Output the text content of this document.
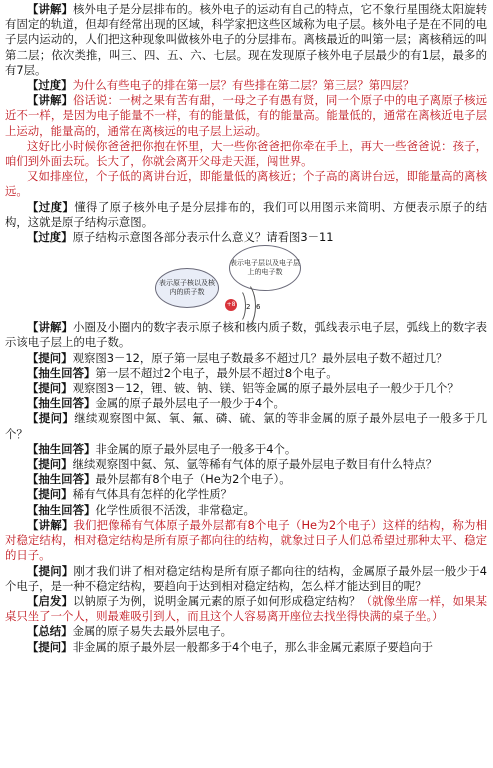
【讲解】核外电子是分层排布的。核外电子的运动有自己的特点，它不象行星围绕太阳旋转有固定的轨道，但却有经常出现的区域，科学家把这些区域称为电子层。核外电子是在不同的电子层内运动的，人们把这种现象叫做核外电子的分层排布。离核最近的叫第一层；离核稍远的叫第二层；依次类推，叫三、四、五、六、七层。现在发现原子核外电子层最少的有1层，最多的有7层。

【过度】为什么有些电子的排在第一层？有些排在第二层？第三层？第四层？

【讲解】俗话说：一树之果有苦有甜，一母之子有愚有贤，同一个原子中的电子离原子核远近不一样，是因为电子能量不一样，有的能量低，有的能量高。能量低的，通常在离核近电子层上运动，能量高的，通常在离核远的电子层上运动。

这好比小时候你爸爸把你抱在怀里，大一些你爸爸把你牵在手上，再大一些爸爸说：孩子，咱们到外面去玩。长大了，你就会离开父母走天涯，闯世界。

又如排座位，个子低的离讲台近，即能量低的离核近；个子高的离讲台远，即能量高的离核远。

【过度】懂得了原子核外电子是分层排布的，我们可以用图示来简明、方便表示原子的结构，这就是原子结构示意图。

【过度】原子结构示意图各部分表示什么意义？请看图3－11

表示电子层以及电子层上的电子数
表示原子核以及核内的质子数
+8 2 6

【讲解】小圈及小圈内的数字表示原子核和核内质子数，弧线表示电子层，弧线上的数字表示该电子层上的电子数。

【提问】观察图3－12，原子第一层电子数最多不超过几？最外层电子数不超过几？

【抽生回答】第一层不超过2个电子，最外层不超过8个电子。

【提问】观察图3－12，锂、铍、钠、镁、铝等金属的原子最外层电子一般少于几个？

【抽生回答】金属的原子最外层电子一般少于4个。

【提问】继续观察图中氮、氧、氟、磷、硫、氯的等非金属的原子最外层电子一般多于几个？

【抽生回答】非金属的原子最外层电子一般多于4个。

【提问】继续观察图中氦、氖、氩等稀有气体的原子最外层电子数目有什么特点？

【抽生回答】最外层都有8个电子（He为2个电子）。

【提问】稀有气体具有怎样的化学性质？

【抽生回答】化学性质很不活泼，非常稳定。

【讲解】我们把像稀有气体原子最外层都有8个电子（He为2个电子）这样的结构，称为相对稳定结构，相对稳定结构是所有原子都向往的结构，就象过日子人们总希望过那种太平、稳定的日子。

【提问】刚才我们讲了相对稳定结构是所有原子都向往的结构，金属原子最外层一般少于4个电子，是一种不稳定结构，要趋向于达到相对稳定结构，怎么样才能达到目的呢？

【启发】以钠原子为例，说明金属元素的原子如何形成稳定结构？（就像坐席一样，如果某桌只坐了一个人，则最难吸引到人，而且这个人容易离开座位去找坐得快满的桌子坐。）

【总结】金属的原子易失去最外层电子。

【提问】非金属的原子最外层一般都多于4个电子，那么非金属元素原子要趋向于
